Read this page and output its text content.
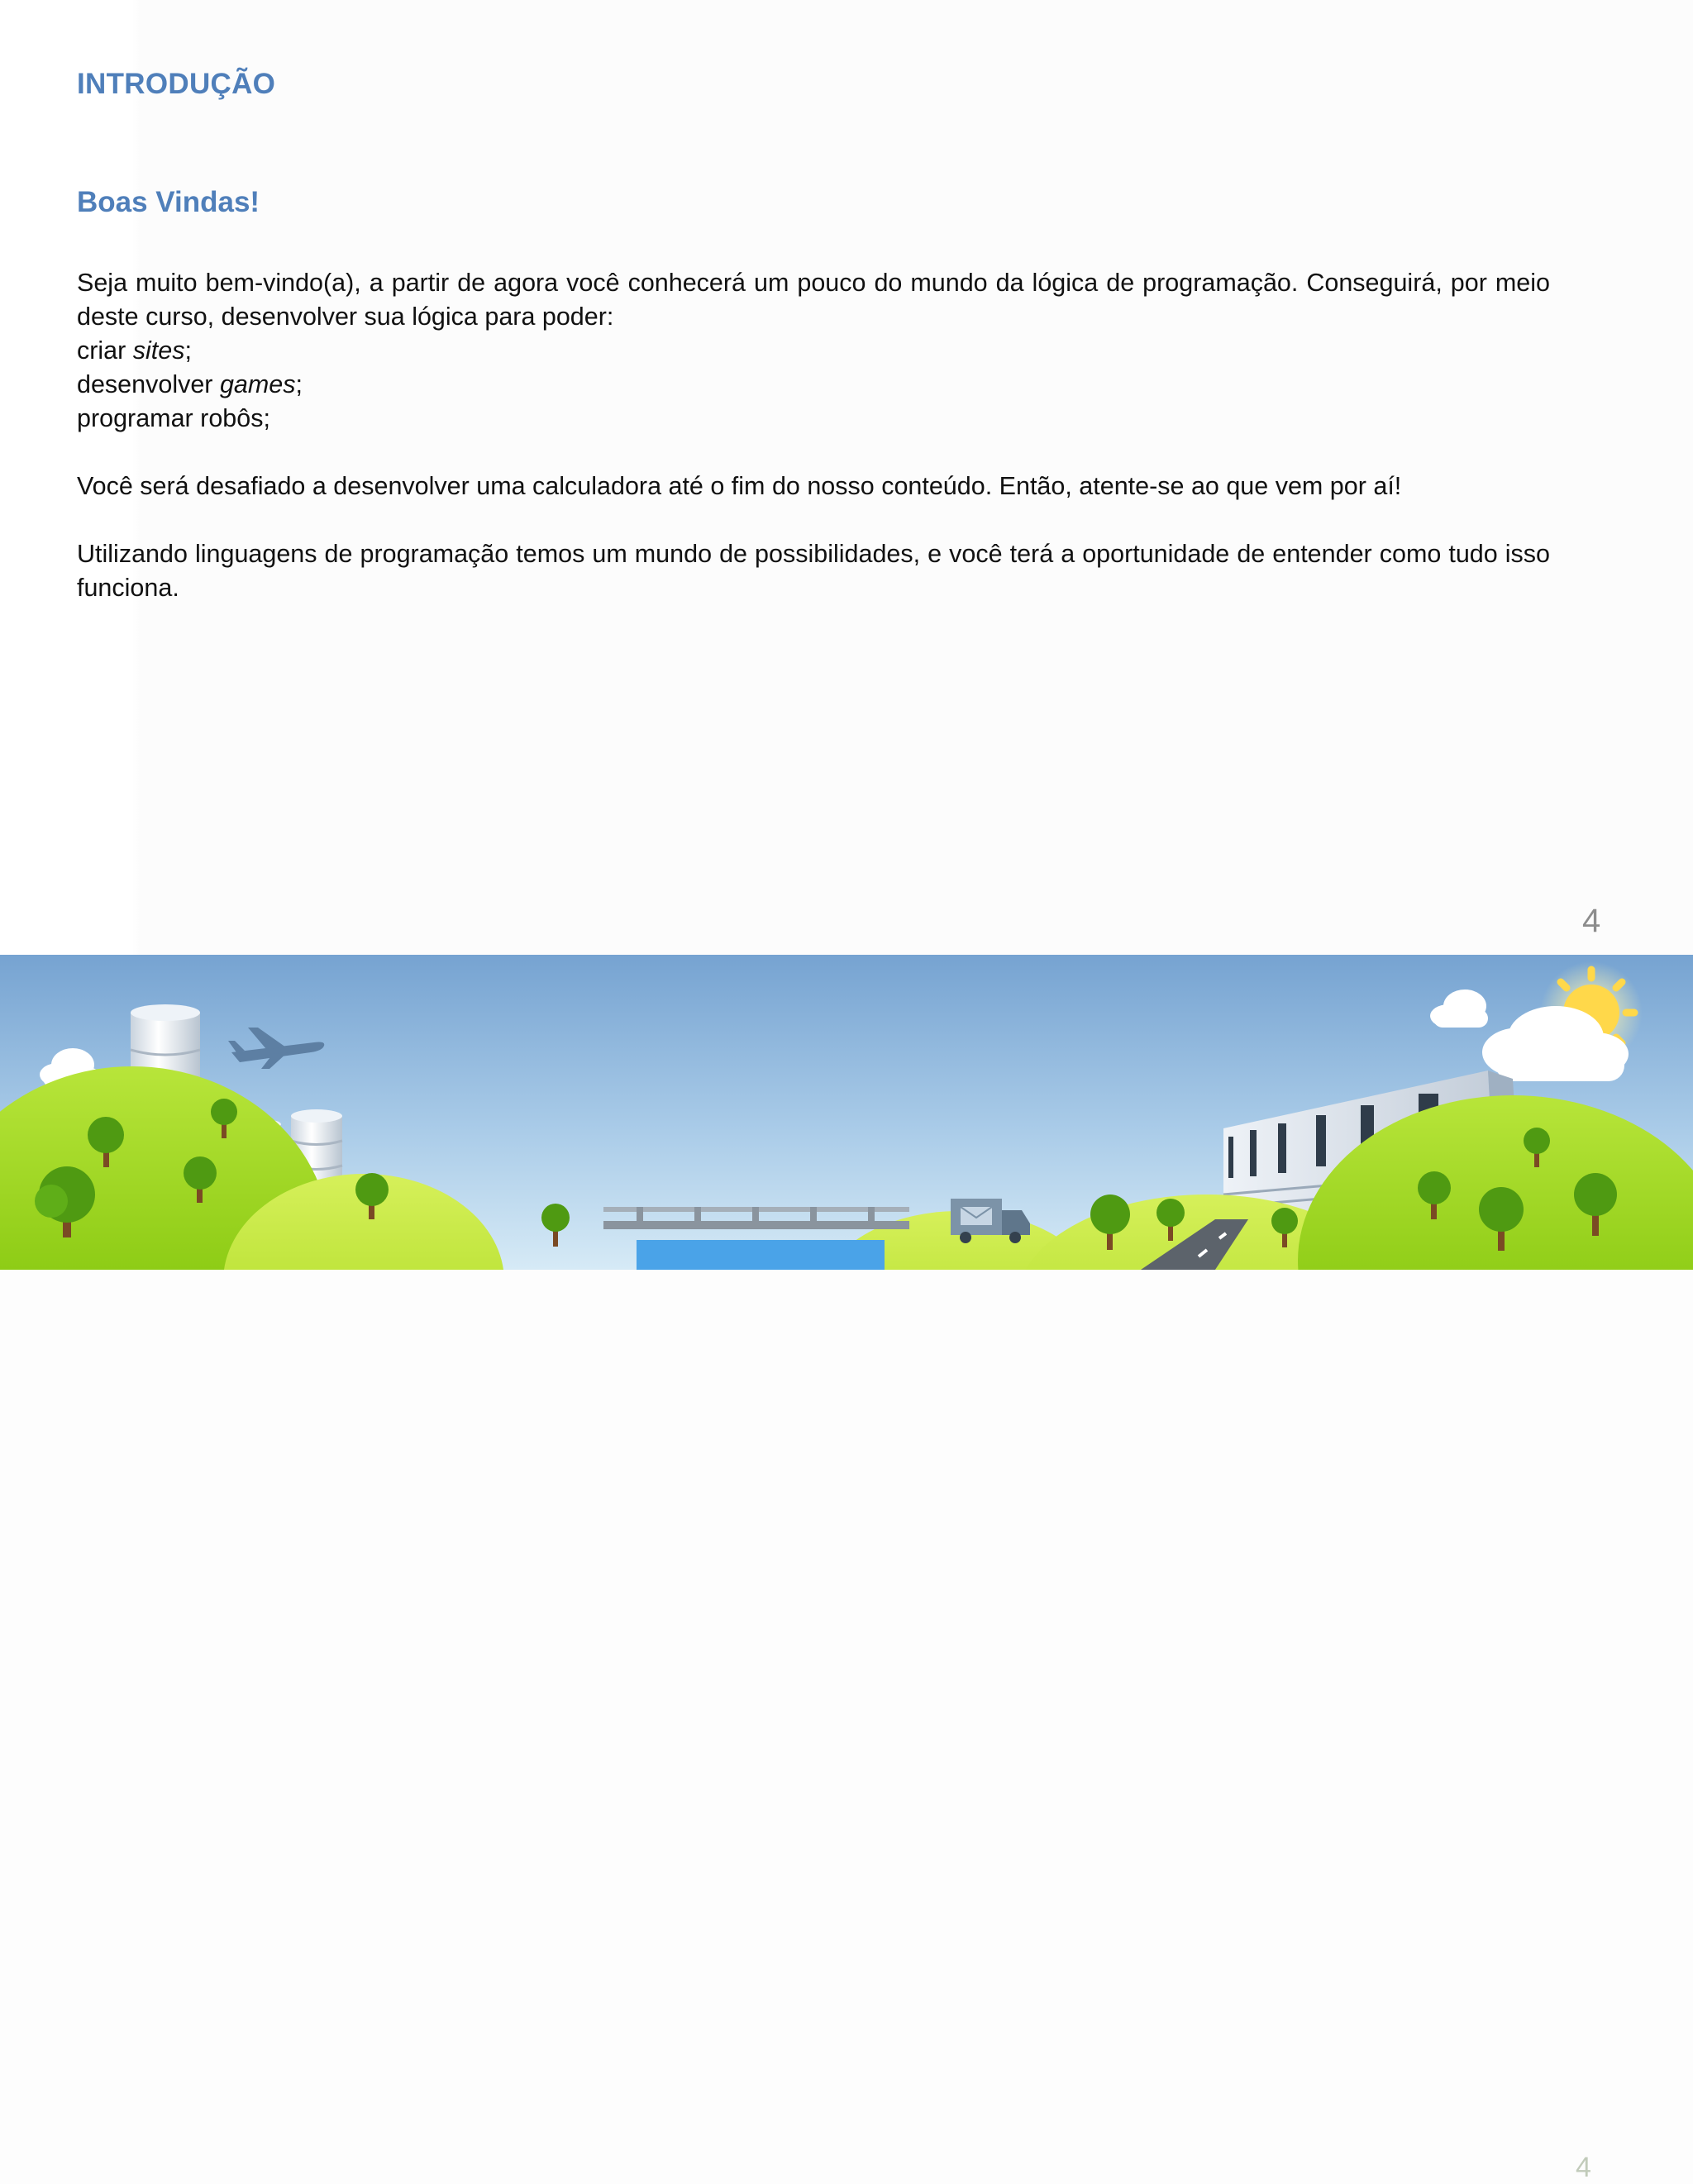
INTRODUÇÃO
Boas Vindas!

Seja muito bem-vindo(a), a partir de agora você conhecerá um pouco do mundo da lógica de programação. Conseguirá, por meio deste curso, desenvolver sua lógica para poder:

criar sites;

desenvolver games;

programar robôs;

Você será desafiado a desenvolver uma calculadora até o fim do nosso conteúdo. Então, atente-se ao que vem por aí!

Utilizando linguagens de programação temos um mundo de possibilidades, e você terá a oportunidade de entender como tudo isso funciona.

4
4
